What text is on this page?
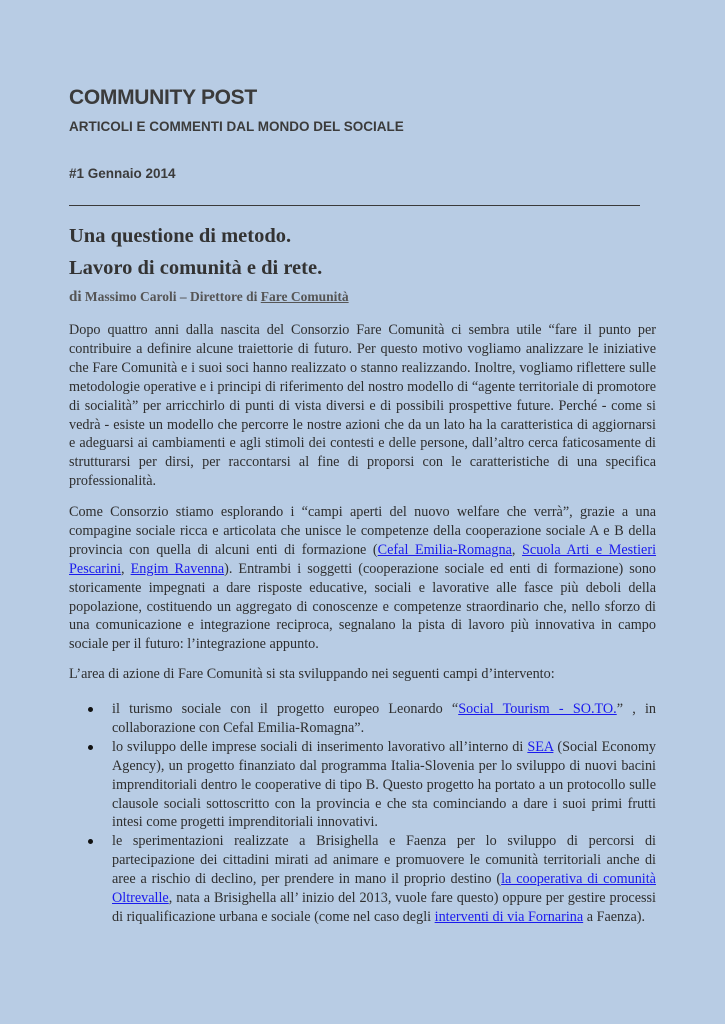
COMMUNITY POST
ARTICOLI E COMMENTI DAL MONDO DEL SOCIALE
#1 Gennaio 2014
Una questione di metodo.
Lavoro di comunità e di rete.
di Massimo Caroli – Direttore di Fare Comunità
Dopo quattro anni dalla nascita del Consorzio Fare Comunità ci sembra utile “fare il punto per contribuire a definire alcune traiettorie di futuro. Per questo motivo vogliamo analizzare le iniziative che Fare Comunità e i suoi soci hanno realizzato o stanno realizzando. Inoltre, vogliamo riflettere sulle metodologie operative e i principi di riferimento del nostro modello di “agente territoriale di promotore di socialità” per arricchirlo di punti di vista diversi e di possibili prospettive future. Perché - come si vedrà - esiste un modello che percorre le nostre azioni che da un lato ha la caratteristica di aggiornarsi e adeguarsi ai cambiamenti e agli stimoli dei contesti e delle persone, dall’altro cerca faticosamente di strutturarsi per dirsi, per raccontarsi al fine di proporsi con le caratteristiche di una specifica professionalità.
Come Consorzio stiamo esplorando i “campi aperti del nuovo welfare che verrà”, grazie a una compagine sociale ricca e articolata che unisce le competenze della cooperazione sociale A e B della provincia con quella di alcuni enti di formazione (Cefal Emilia-Romagna, Scuola Arti e Mestieri Pescarini, Engim Ravenna). Entrambi i soggetti (cooperazione sociale ed enti di formazione) sono storicamente impegnati a dare risposte educative, sociali e lavorative alle fasce più deboli della popolazione, costituendo un aggregato di conoscenze e competenze straordinario che, nello sforzo di una comunicazione e integrazione reciproca, segnalano la pista di lavoro più innovativa in campo sociale per il futuro: l’integrazione appunto.
L’area di azione di Fare Comunità si sta sviluppando nei seguenti campi d’intervento:
il turismo sociale con il progetto europeo Leonardo “Social Tourism - SO.TO.” , in collaborazione con Cefal Emilia-Romagna”.
lo sviluppo delle imprese sociali di inserimento lavorativo all’interno di SEA (Social Economy Agency), un progetto finanziato dal programma Italia-Slovenia per lo sviluppo di nuovi bacini imprenditoriali dentro le cooperative di tipo B. Questo progetto ha portato a un protocollo sulle clausole sociali sottoscritto con la provincia e che sta cominciando a dare i suoi primi frutti intesi come progetti imprenditoriali innovativi.
le sperimentazioni realizzate a Brisighella e Faenza per lo sviluppo di percorsi di partecipazione dei cittadini mirati ad animare e promuovere le comunità territoriali anche di aree a rischio di declino, per prendere in mano il proprio destino (la cooperativa di comunità Oltrevalle, nata a Brisighella all’ inizio del 2013, vuole fare questo) oppure per gestire processi di riqualificazione urbana e sociale (come nel caso degli interventi di via Fornarina a Faenza).
